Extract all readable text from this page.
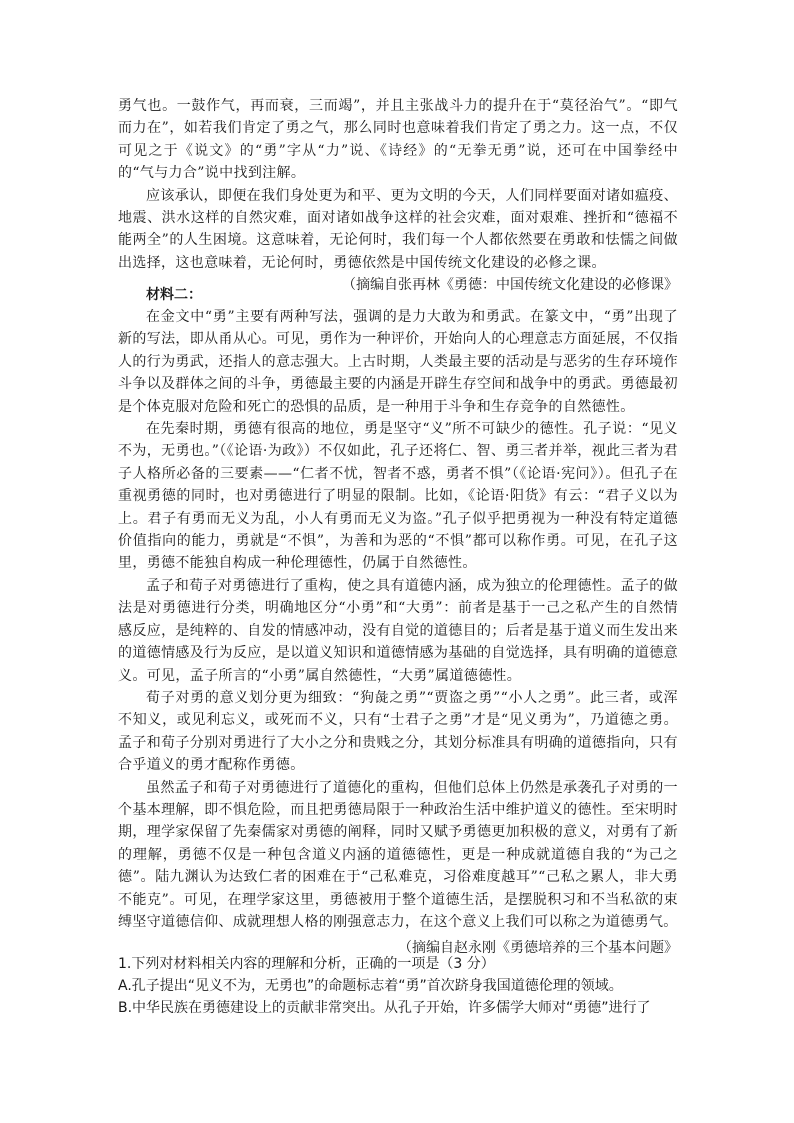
勇气也。一鼓作气，再而衰，三而竭”，并且主张战斗力的提升在于“莫径治气”。“即气而力在”，如若我们肯定了勇之气，那么同时也意味着我们肯定了勇之力。这一点，不仅可见之于《说文》的“勇”字从“力”说、《诗经》的“无拳无勇”说，还可在中国拳经中的“气与力合”说中找到注解。

应该承认，即便在我们身处更为和平、更为文明的今天，人们同样要面对诸如瘟疫、地震、洪水这样的自然灾难，面对诸如战争这样的社会灾难，面对艰难、挫折和“德福不能两全”的人生困境。这意味着，无论何时，我们每一个人都依然要在勇敢和怯懦之间做出选择，这也意味着，无论何时，勇德依然是中国传统文化建设的必修之课。

（摘编自张再林《勇德：中国传统文化建设的必修课》

材料二：

在金文中“勇”主要有两种写法，强调的是力大敢为和勇武。在篆文中，“勇”出现了新的写法，即从甬从心。可见，勇作为一种评价，开始向人的心理意志方面延展，不仅指人的行为勇武，还指人的意志强大。上古时期，人类最主要的活动是与恶劣的生存环境作斗争以及群体之间的斗争，勇德最主要的内涵是开辟生存空间和战争中的勇武。勇德最初是个体克服对危险和死亡的恐惧的品质，是一种用于斗争和生存竞争的自然德性。

在先秦时期，勇德有很高的地位，勇是坚守“义”所不可缺少的德性。孔子说：“见义不为，无勇也。”（《论语·为政》）不仅如此，孔子还将仁、智、勇三者并举，视此三者为君子人格所必备的三要素——“仁者不忧，智者不惑，勇者不惧”（《论语·宪问》）。但孔子在重视勇德的同时，也对勇德进行了明显的限制。比如，《论语·阳货》有云：“君子义以为上。君子有勇而无义为乱，小人有勇而无义为盗。”孔子似乎把勇视为一种没有特定道德价值指向的能力，勇就是“不惧”，为善和为恶的“不惧”都可以称作勇。可见，在孔子这里，勇德不能独自构成一种伦理德性，仍属于自然德性。

孟子和荀子对勇德进行了重构，使之具有道德内涵，成为独立的伦理德性。孟子的做法是对勇德进行分类，明确地区分“小勇”和“大勇”：前者是基于一己之私产生的自然情感反应，是纯粹的、自发的情感冲动，没有自觉的道德目的；后者是基于道义而生发出来的道德情感及行为反应，是以道义知识和道德情感为基础的自觉选择，具有明确的道德意义。可见，孟子所言的“小勇”属自然德性，“大勇”属道德德性。

荀子对勇的意义划分更为细致：“狗彘之勇”“贾盗之勇”“小人之勇”。此三者，或浑不知义，或见利忘义，或死而不义，只有“士君子之勇”才是“见义勇为”，乃道德之勇。孟子和荀子分别对勇进行了大小之分和贵贱之分，其划分标准具有明确的道德指向，只有合乎道义的勇才配称作勇德。

虽然孟子和荀子对勇德进行了道德化的重构，但他们总体上仍然是承袭孔子对勇的一个基本理解，即不惧危险，而且把勇德局限于一种政治生活中维护道义的德性。至宋明时期，理学家保留了先秦儒家对勇德的阐释，同时又赋予勇德更加积极的意义，对勇有了新的理解，勇德不仅是一种包含道义内涵的道德德性，更是一种成就道德自我的“为己之德”。陆九渊认为达致仁者的困难在于“己私难克，习俗难度越耳”“己私之累人，非大勇不能克”。可见，在理学家这里，勇德被用于整个道德生活，是摆脱积习和不当私欲的束缚坚守道德信仰、成就理想人格的刚强意志力，在这个意义上我们可以称之为道德勇气。

（摘编自赵永刚《勇德培养的三个基本问题》

1.下列对材料相关内容的理解和分析，正确的一项是（3 分）

A.孔子提出“见义不为，无勇也”的命题标志着“勇”首次跻身我国道德伦理的领域。

B.中华民族在勇德建设上的贡献非常突出。从孔子开始，许多儒学大师对“勇德”进行了
